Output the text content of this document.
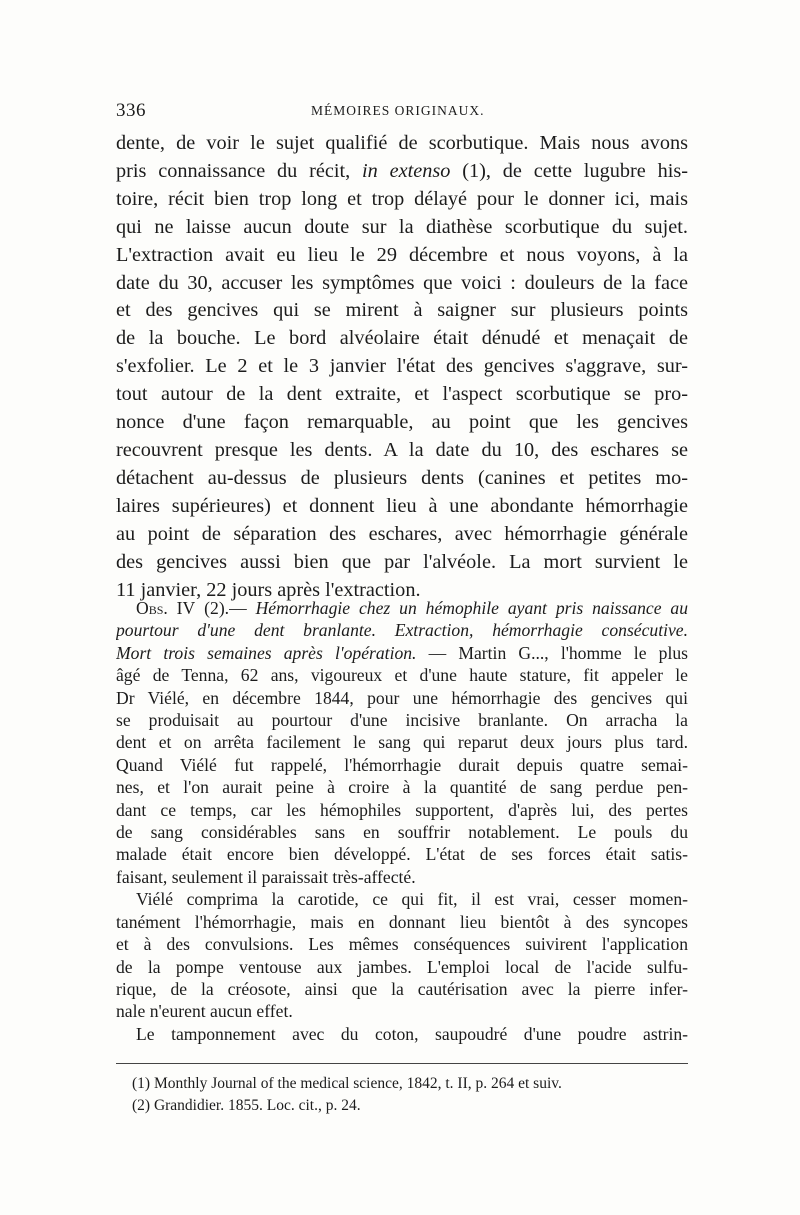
336	MÉMOIRES ORIGINAUX.
dente, de voir le sujet qualifié de scorbutique. Mais nous avons
pris connaissance du récit, in extenso (1), de cette lugubre his-
toire, récit bien trop long et trop délayé pour le donner ici, mais
qui ne laisse aucun doute sur la diathèse scorbutique du sujet.
L'extraction avait eu lieu le 29 décembre et nous voyons, à la
date du 30, accuser les symptômes que voici : douleurs de la face
et des gencives qui se mirent à saigner sur plusieurs points
de la bouche. Le bord alvéolaire était dénudé et menaçait de
s'exfolier. Le 2 et le 3 janvier l'état des gencives s'aggrave, sur-
tout autour de la dent extraite, et l'aspect scorbutique se pro-
nonce d'une façon remarquable, au point que les gencives
recouvrent presque les dents. A la date du 10, des eschares se
détachent au-dessus de plusieurs dents (canines et petites mo-
laires supérieures) et donnent lieu à une abondante hémorrhagie
au point de séparation des eschares, avec hémorrhagie générale
des gencives aussi bien que par l'alvéole. La mort survient le
11 janvier, 22 jours après l'extraction.
Obs. IV (2).— Hémorrhagie chez un hémophile ayant pris naissance au
pourtour d'une dent branlante. Extraction, hémorrhagie consécutive.
Mort trois semaines après l'opération. — Martin G..., l'homme le plus
âgé de Tenna, 62 ans, vigoureux et d'une haute stature, fit appeler le
Dr Viélé, en décembre 1844, pour une hémorrhagie des gencives qui
se produisait au pourtour d'une incisive branlante. On arracha la
dent et on arrêta facilement le sang qui reparut deux jours plus tard.
Quand Viélé fut rappelé, l'hémorrhagie durait depuis quatre semai-
nes, et l'on aurait peine à croire à la quantité de sang perdue pen-
dant ce temps, car les hémophiles supportent, d'après lui, des pertes
de sang considérables sans en souffrir notablement. Le pouls du
malade était encore bien développé. L'état de ses forces était satis-
faisant, seulement il paraissait très-affecté.
Viélé comprima la carotide, ce qui fit, il est vrai, cesser momen-
tanément l'hémorrhagie, mais en donnant lieu bientôt à des syncopes
et à des convulsions. Les mêmes conséquences suivirent l'application
de la pompe ventouse aux jambes. L'emploi local de l'acide sulfu-
rique, de la créosote, ainsi que la cautérisation avec la pierre infer-
nale n'eurent aucun effet.
Le tamponnement avec du coton, saupoudré d'une poudre astrin-
(1) Monthly Journal of the medical science, 1842, t. II, p. 264 et suiv.
(2) Grandidier. 1855. Loc. cit., p. 24.
